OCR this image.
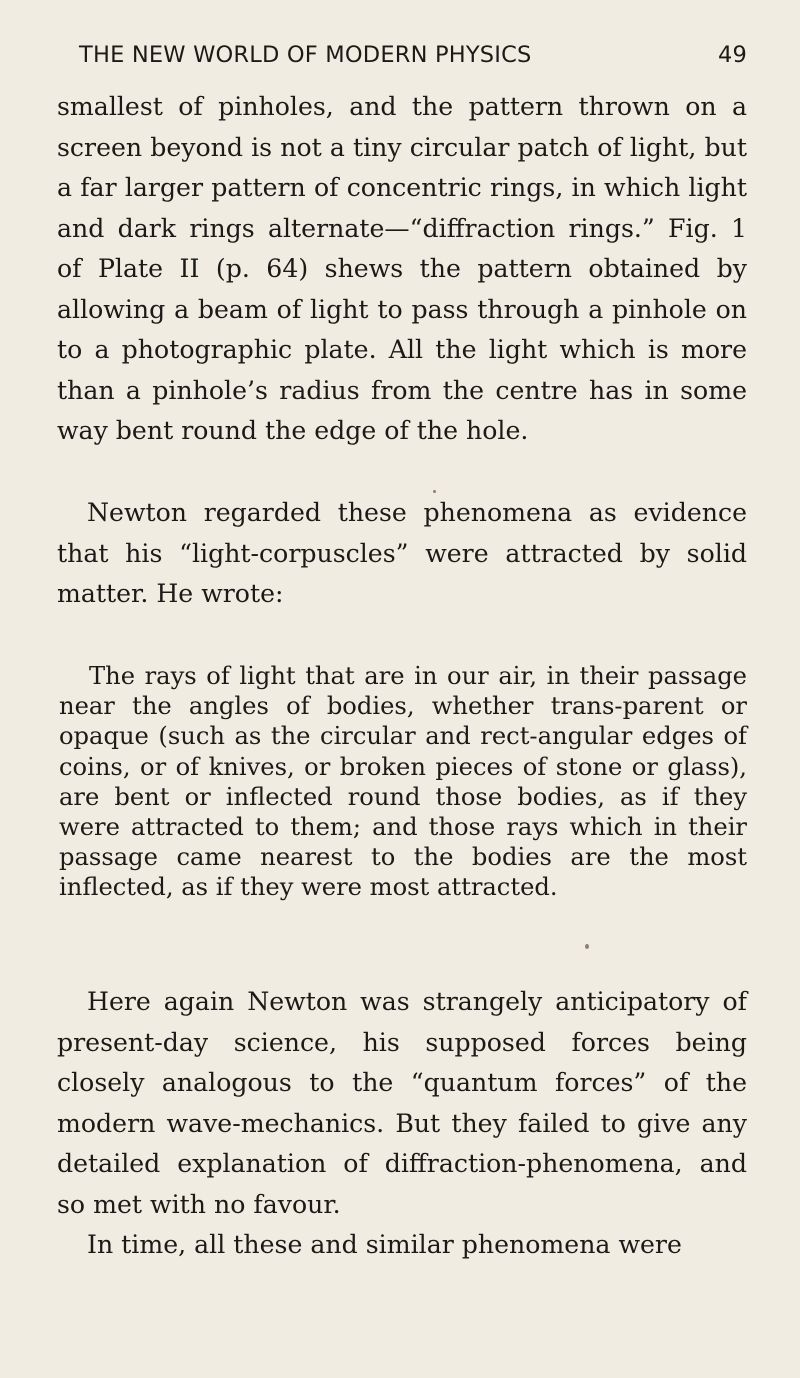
THE NEW WORLD OF MODERN PHYSICS	49

smallest of pinholes, and the pattern thrown on a screen beyond is not a tiny circular patch of light, but a far larger pattern of concentric rings, in which light and dark rings alternate—“diffraction rings.” Fig. 1 of Plate II (p. 64) shews the pattern obtained by allowing a beam of light to pass through a pinhole on to a photographic plate. All the light which is more than a pinhole’s radius from the centre has in some way bent round the edge of the hole.

Newton regarded these phenomena as evidence that his “light-corpuscles” were attracted by solid matter. He wrote:

The rays of light that are in our air, in their passage near the angles of bodies, whether trans-parent or opaque (such as the circular and rect-angular edges of coins, or of knives, or broken pieces of stone or glass), are bent or inflected round those bodies, as if they were attracted to them; and those rays which in their passage came nearest to the bodies are the most inflected, as if they were most attracted.

Here again Newton was strangely anticipatory of present-day science, his supposed forces being closely analogous to the “quantum forces” of the modern wave-mechanics. But they failed to give any detailed explanation of diffraction-phenomena, and so met with no favour.

In time, all these and similar phenomena were
